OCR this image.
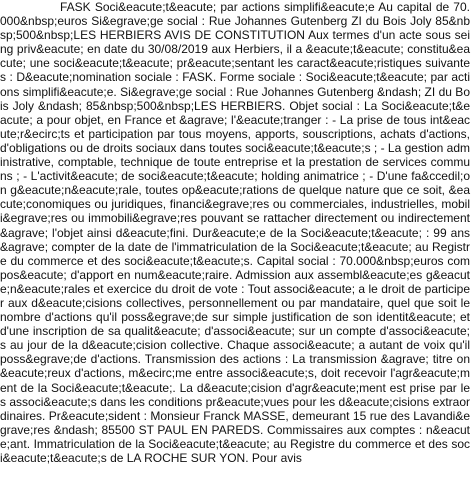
FASK Soci&eacute;t&eacute; par actions simplifi&eacute;e Au capital de 70.000&nbsp;euros Si&egrave;ge social : Rue Johannes Gutenberg ZI du Bois Joly 85&nbsp;500&nbsp;LES HERBIERS AVIS DE CONSTITUTION Aux termes d'un acte sous seing priv&eacute; en date du 30/08/2019 aux Herbiers, il a &eacute;t&eacute; constitu&eacute; une soci&eacute;t&eacute; pr&eacute;sentant les caract&eacute;ristiques suivantes : D&eacute;nomination sociale : FASK. Forme sociale : Soci&eacute;t&eacute; par actions simplifi&eacute;e. Si&egrave;ge social : Rue Johannes Gutenberg &ndash; ZI du Bois Joly &ndash; 85&nbsp;500&nbsp;LES HERBIERS. Objet social : La Soci&eacute;t&eacute; a pour objet, en France et &agrave; l'&eacute;tranger : - La prise de tous int&eacute;r&ecirc;ts et participation par tous moyens, apports, souscriptions, achats d'actions, d'obligations ou de droits sociaux dans toutes soci&eacute;t&eacute;s ; - La gestion administrative, comptable, technique de toute entreprise et la prestation de services communs ; - L'activit&eacute; de soci&eacute;t&eacute; holding animatrice ; - D'une fa&ccedil;on g&eacute;n&eacute;rale, toutes op&eacute;rations de quelque nature que ce soit, &eacute;conomiques ou juridiques, financi&egrave;res ou commerciales, industrielles, mobili&egrave;res ou immobili&egrave;res pouvant se rattacher directement ou indirectement &agrave; l'objet ainsi d&eacute;fini. Dur&eacute;e de la Soci&eacute;t&eacute; : 99 ans &agrave; compter de la date de l'immatriculation de la Soci&eacute;t&eacute; au Registre du commerce et des soci&eacute;t&eacute;s. Capital social : 70.000&nbsp;euros compos&eacute; d'apport en num&eacute;raire. Admission aux assembl&eacute;es g&eacute;n&eacute;rales et exercice du droit de vote : Tout associ&eacute; a le droit de participer aux d&eacute;cisions collectives, personnellement ou par mandataire, quel que soit le nombre d'actions qu'il poss&egrave;de sur simple justification de son identit&eacute; et d'une inscription de sa qualit&eacute; d'associ&eacute; sur un compte d'associ&eacute;s au jour de la d&eacute;cision collective. Chaque associ&eacute; a autant de voix qu'il poss&egrave;de d'actions. Transmission des actions : La transmission &agrave; titre on&eacute;reux d'actions, m&ecirc;me entre associ&eacute;s, doit recevoir l'agr&eacute;ment de la Soci&eacute;t&eacute;. La d&eacute;cision d'agr&eacute;ment est prise par les associ&eacute;s dans les conditions pr&eacute;vues pour les d&eacute;cisions extraordinaires. Pr&eacute;sident : Monsieur Franck MASSE, demeurant 15 rue des Lavandi&egrave;res &ndash; 85500 ST PAUL EN PAREDS. Commissaires aux comptes : n&eacute;ant. Immatriculation de la Soci&eacute;t&eacute; au Registre du commerce et des soci&eacute;t&eacute;s de LA ROCHE SUR YON. Pour avis
